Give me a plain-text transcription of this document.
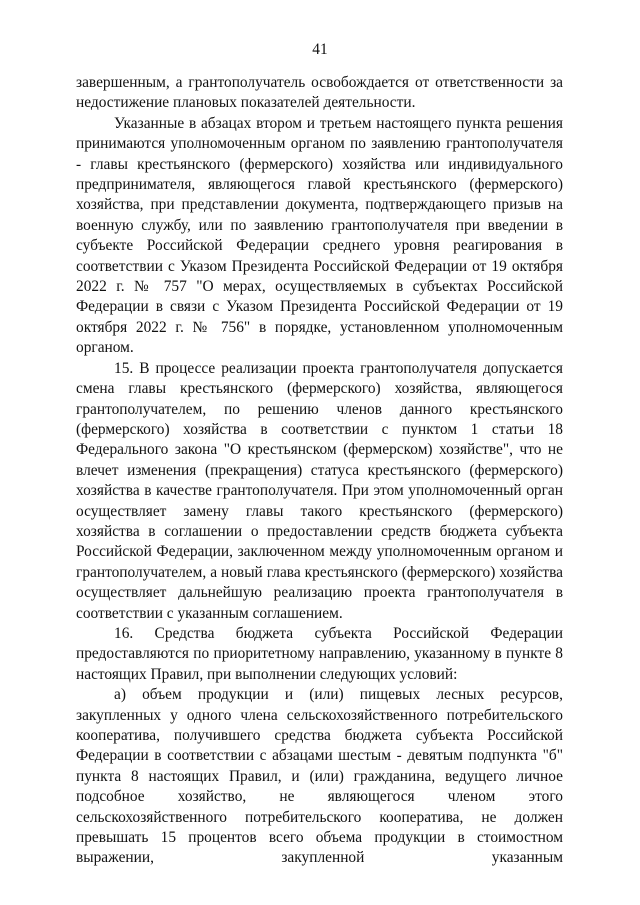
41

завершенным, а грантополучатель освобождается от ответственности за недостижение плановых показателей деятельности.

Указанные в абзацах втором и третьем настоящего пункта решения принимаются уполномоченным органом по заявлению грантополучателя - главы крестьянского (фермерского) хозяйства или индивидуального предпринимателя, являющегося главой крестьянского (фермерского) хозяйства, при представлении документа, подтверждающего призыв на военную службу, или по заявлению грантополучателя при введении в субъекте Российской Федерации среднего уровня реагирования в соответствии с Указом Президента Российской Федерации от 19 октября 2022 г. № 757 "О мерах, осуществляемых в субъектах Российской Федерации в связи с Указом Президента Российской Федерации от 19 октября 2022 г. № 756" в порядке, установленном уполномоченным органом.

15. В процессе реализации проекта грантополучателя допускается смена главы крестьянского (фермерского) хозяйства, являющегося грантополучателем, по решению членов данного крестьянского (фермерского) хозяйства в соответствии с пунктом 1 статьи 18 Федерального закона "О крестьянском (фермерском) хозяйстве", что не влечет изменения (прекращения) статуса крестьянского (фермерского) хозяйства в качестве грантополучателя. При этом уполномоченный орган осуществляет замену главы такого крестьянского (фермерского) хозяйства в соглашении о предоставлении средств бюджета субъекта Российской Федерации, заключенном между уполномоченным органом и грантополучателем, а новый глава крестьянского (фермерского) хозяйства осуществляет дальнейшую реализацию проекта грантополучателя в соответствии с указанным соглашением.

16. Средства бюджета субъекта Российской Федерации предоставляются по приоритетному направлению, указанному в пункте 8 настоящих Правил, при выполнении следующих условий:

а) объем продукции и (или) пищевых лесных ресурсов, закупленных у одного члена сельскохозяйственного потребительского кооператива, получившего средства бюджета субъекта Российской Федерации в соответствии с абзацами шестым - девятым подпункта "б" пункта 8 настоящих Правил, и (или) гражданина, ведущего личное подсобное хозяйство, не являющегося членом этого сельскохозяйственного потребительского кооператива, не должен превышать 15 процентов всего объема продукции в стоимостном выражении, закупленной указанным
